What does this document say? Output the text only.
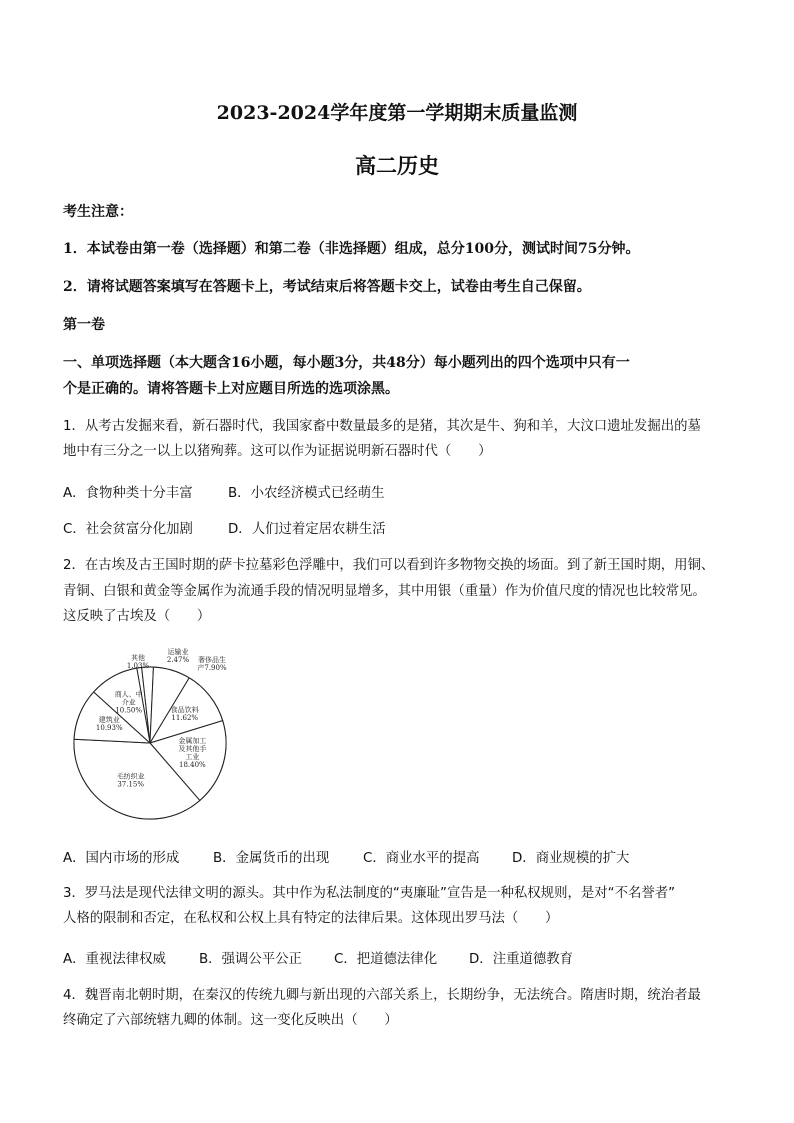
2023-2024学年度第一学期期末质量监测
高二历史
考生注意：
1．本试卷由第一卷（选择题）和第二卷（非选择题）组成，总分100分，测试时间75分钟。
2．请将试题答案填写在答题卡上，考试结束后将答题卡交上，试卷由考生自己保留。
第一卷
一、单项选择题（本大题含16小题，每小题3分，共48分）每小题列出的四个选项中只有一
个是正确的。请将答题卡上对应题目所选的选项涂黑。
1．从考古发掘来看，新石器时代，我国家畜中数量最多的是猪，其次是牛、狗和羊，大汶口遗址发掘出的墓
地中有三分之一以上以猪殉葬。这可以作为证据说明新石器时代（　　）
A．食物种类十分丰富	B．小农经济模式已经萌生
C．社会贫富分化加剧	D．人们过着定居农耕生活
2．在古埃及古王国时期的萨卡拉墓彩色浮雕中，我们可以看到许多物物交换的场面。到了新王国时期，用铜、
青铜、白银和黄金等金属作为流通手段的情况明显增多，其中用银（重量）作为价值尺度的情况也比较常见。
这反映了古埃及（　　）
其他 1.03%
运输业 2.47% 奢侈品生产7.90%
食品饮料 11.62%
金属加工及其他手工业 18.40%
毛纺织业 37.15%
建筑业 10.93%
商人、中介业 10.50%
A．国内市场的形成	B．金属货币的出现	C．商业水平的提高 D．商业规模的扩大
3．罗马法是现代法律文明的源头。其中作为私法制度的“夷廉耻”宣告是一种私权规则，是对“不名誉者”
人格的限制和否定，在私权和公权上具有特定的法律后果。这体现出罗马法（　　）
A．重视法律权威 B．强调公平公正 C．把道德法律化 D．注重道德教育
4．魏晋南北朝时期，在秦汉的传统九卿与新出现的六部关系上，长期纷争，无法统合。隋唐时期，统治者最
终确定了六部统辖九卿的体制。这一变化反映出（　　）
